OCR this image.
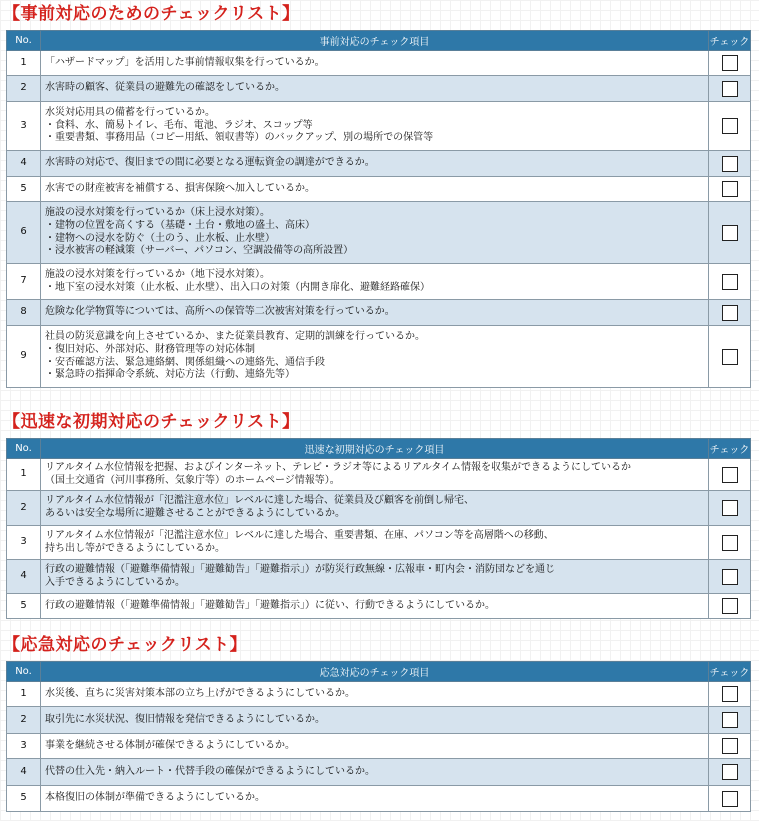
【事前対応のためのチェックリスト】
No.	事前対応のチェック項目	チェック
1	「ハザードマップ」を活用した事前情報収集を行っているか。	

2	水害時の顧客、従業員の避難先の確認をしているか。	

3	水災対応用具の備蓄を行っているか。
・食料、水、簡易トイレ、毛布、電池、ラジオ、スコップ等
・重要書類、事務用品（コピー用紙、領収書等）のバックアップ、別の場所での保管等	

4	水害時の対応で、復旧までの間に必要となる運転資金の調達ができるか。	

5	水害での財産被害を補償する、損害保険へ加入しているか。	

6	施設の浸水対策を行っているか（床上浸水対策）。
・建物の位置を高くする（基礎・土台・敷地の盛土、高床）
・建物への浸水を防ぐ（土のう、止水板、止水壁）
・浸水被害の軽減策（サーバー、パソコン、空調設備等の高所設置）	

7	施設の浸水対策を行っているか（地下浸水対策）。
・地下室の浸水対策（止水板、止水壁）、出入口の対策（内開き扉化、避難経路確保）	

8	危険な化学物質等については、高所への保管等二次被害対策を行っているか。	

9	社員の防災意識を向上させているか、また従業員教育、定期的訓練を行っているか。
・復旧対応、外部対応、財務管理等の対応体制
・安否確認方法、緊急連絡網、関係組織への連絡先、通信手段
・緊急時の指揮命令系統、対応方法（行動、連絡先等）	

【迅速な初期対応のチェックリスト】
No.	迅速な初期対応のチェック項目	チェック
1	リアルタイム水位情報を把握、およびインターネット、テレビ・ラジオ等によるリアルタイム情報を収集ができるようにしているか
（国土交通省（河川事務所、気象庁等）のホームページ情報等）。	

2	リアルタイム水位情報が「氾濫注意水位」レベルに達した場合、従業員及び顧客を前倒し帰宅、
あるいは安全な場所に避難させることができるようにしているか。	

3	リアルタイム水位情報が「氾濫注意水位」レベルに達した場合、重要書類、在庫、パソコン等を高層階への移動、
持ち出し等ができるようにしているか。	

4	行政の避難情報（「避難準備情報」「避難勧告」「避難指示」）が防災行政無線・広報車・町内会・消防団などを通じ
入手できるようにしているか。	

5	行政の避難情報（「避難準備情報」「避難勧告」「避難指示」）に従い、行動できるようにしているか。	

【応急対応のチェックリスト】
No.	応急対応のチェック項目	チェック
1	水災後、直ちに災害対策本部の立ち上げができるようにしているか。	

2	取引先に水災状況、復旧情報を発信できるようにしているか。	

3	事業を継続させる体制が確保できるようにしているか。	

4	代替の仕入先・納入ルート・代替手段の確保ができるようにしているか。	

5	本格復旧の体制が準備できるようにしているか。	
